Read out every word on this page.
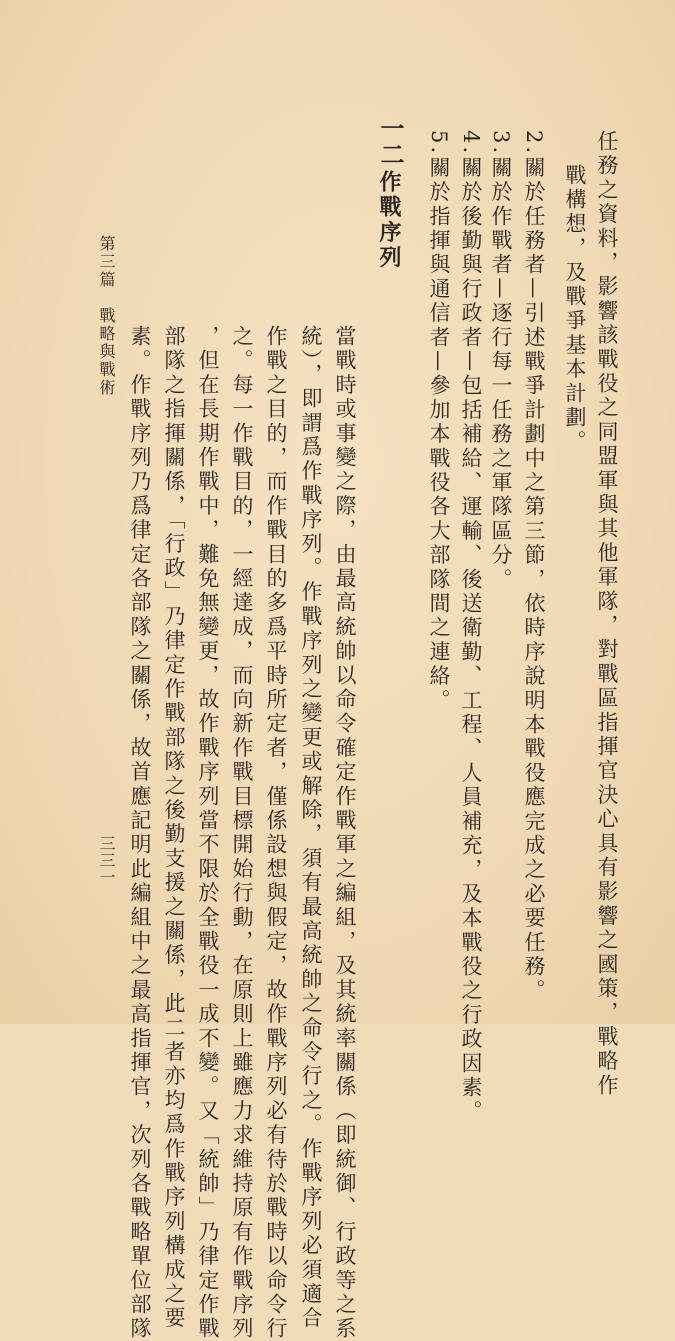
任務之資料，影響該戰役之同盟軍與其他軍隊，對戰區指揮官決心具有影響之國策，戰略作
戰構想，及戰爭基本計劃。
2.關於任務者—引述戰爭計劃中之第三節，依時序說明本戰役應完成之必要任務。
3.關於作戰者—逐行每一任務之軍隊區分。
4.關於後勤與行政者—包括補給、運輸、後送衛勤、工程、人員補充，及本戰役之行政因素。
5.關於指揮與通信者—參加本戰役各大部隊間之連絡。
一二
作戰序列
當戰時或事變之際，由最高統帥以命令確定作戰軍之編組，及其統率關係（即統御、行政等之系
統），即謂爲作戰序列。作戰序列之變更或解除，須有最高統帥之命令行之。作戰序列必須適合
作戰之目的，而作戰目的多爲平時所定者，僅係設想與假定，故作戰序列必有待於戰時以命令行
之。每一作戰目的，一經達成，而向新作戰目標開始行動，在原則上雖應力求維持原有作戰序列
，但在長期作戰中，難免無變更，故作戰序列當不限於全戰役一成不變。又「統帥」乃律定作戰
部隊之指揮關係，「行政」乃律定作戰部隊之後勤支援之關係，此二者亦均爲作戰序列構成之要
素。作戰序列乃爲律定各部隊之關係，故首應記明此編組中之最高指揮官，次列各戰略單位部隊
第三篇　戰略與戰術
三三一
